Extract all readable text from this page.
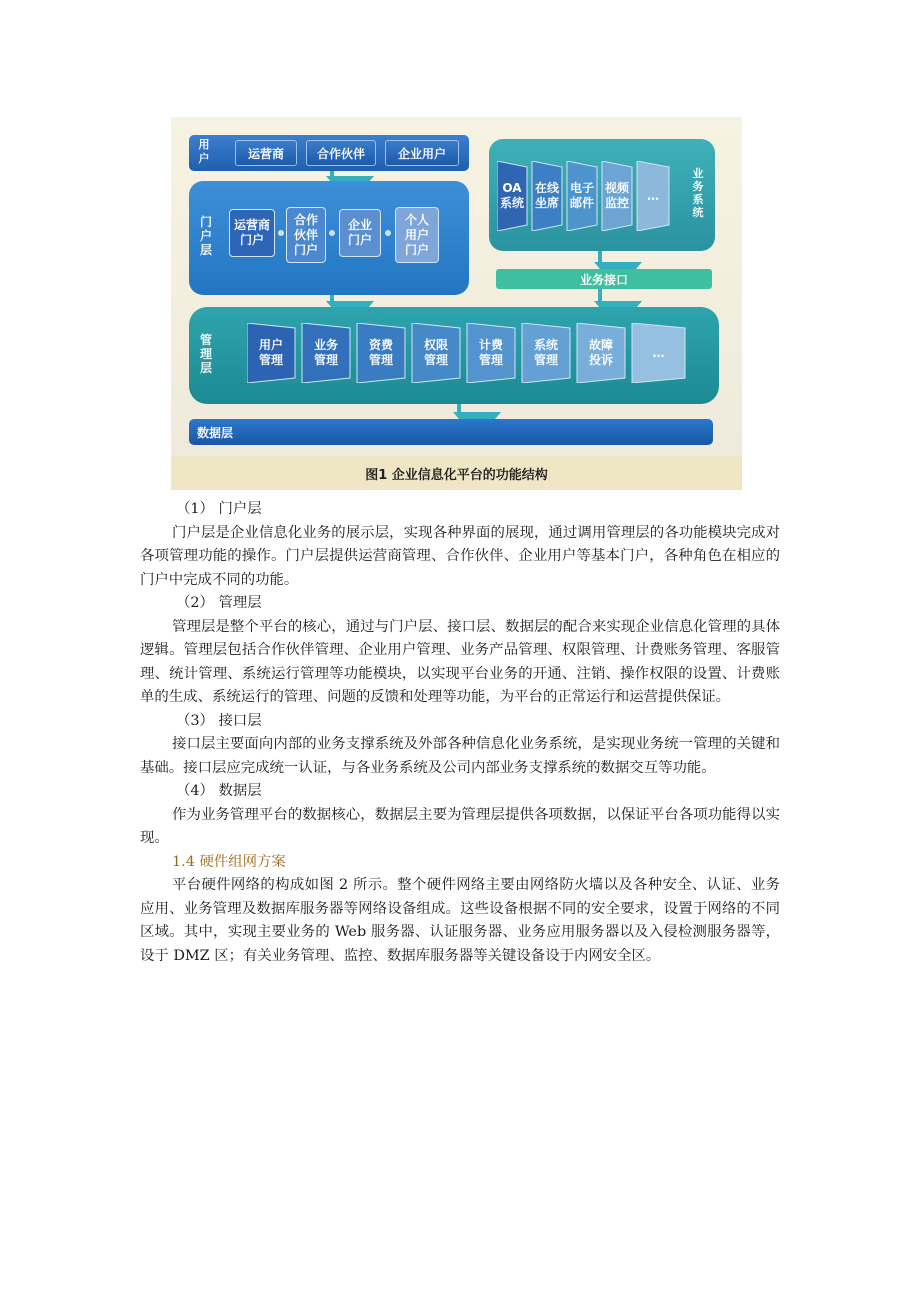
用户	运营商	合作伙伴	企业用户
门户层
运营商
门户
合作
伙伴
门户
企业
门户
个人
用户
门户
OA
系统
在线
坐席
电子
邮件
视频
监控
…
业务系统
业务接口
管理层
用户
管理
业务
管理
资费
管理
权限
管理
计费
管理
系统
管理
故障
投诉
…
数据层
图1 企业信息化平台的功能结构

（1） 门户层

门户层是企业信息化业务的展示层，实现各种界面的展现，通过调用管理层的各功能模块完成对各项管理功能的操作。门户层提供运营商管理、合作伙伴、企业用户等基本门户，各种角色在相应的门户中完成不同的功能。

（2） 管理层

管理层是整个平台的核心，通过与门户层、接口层、数据层的配合来实现企业信息化管理的具体逻辑。管理层包括合作伙伴管理、企业用户管理、业务产品管理、权限管理、计费账务管理、客服管理、统计管理、系统运行管理等功能模块，以实现平台业务的开通、注销、操作权限的设置、计费账单的生成、系统运行的管理、问题的反馈和处理等功能，为平台的正常运行和运营提供保证。

（3） 接口层

接口层主要面向内部的业务支撑系统及外部各种信息化业务系统，是实现业务统一管理的关键和基础。接口层应完成统一认证，与各业务系统及公司内部业务支撑系统的数据交互等功能。

（4） 数据层

作为业务管理平台的数据核心，数据层主要为管理层提供各项数据，以保证平台各项功能得以实现。

1.4 硬件组网方案

平台硬件网络的构成如图 2 所示。整个硬件网络主要由网络防火墙以及各种安全、认证、业务应用、业务管理及数据库服务器等网络设备组成。这些设备根据不同的安全要求，设置于网络的不同区域。其中，实现主要业务的 Web 服务器、认证服务器、业务应用服务器以及入侵检测服务器等，设于 DMZ 区；有关业务管理、监控、数据库服务器等关键设备设于内网安全区。
